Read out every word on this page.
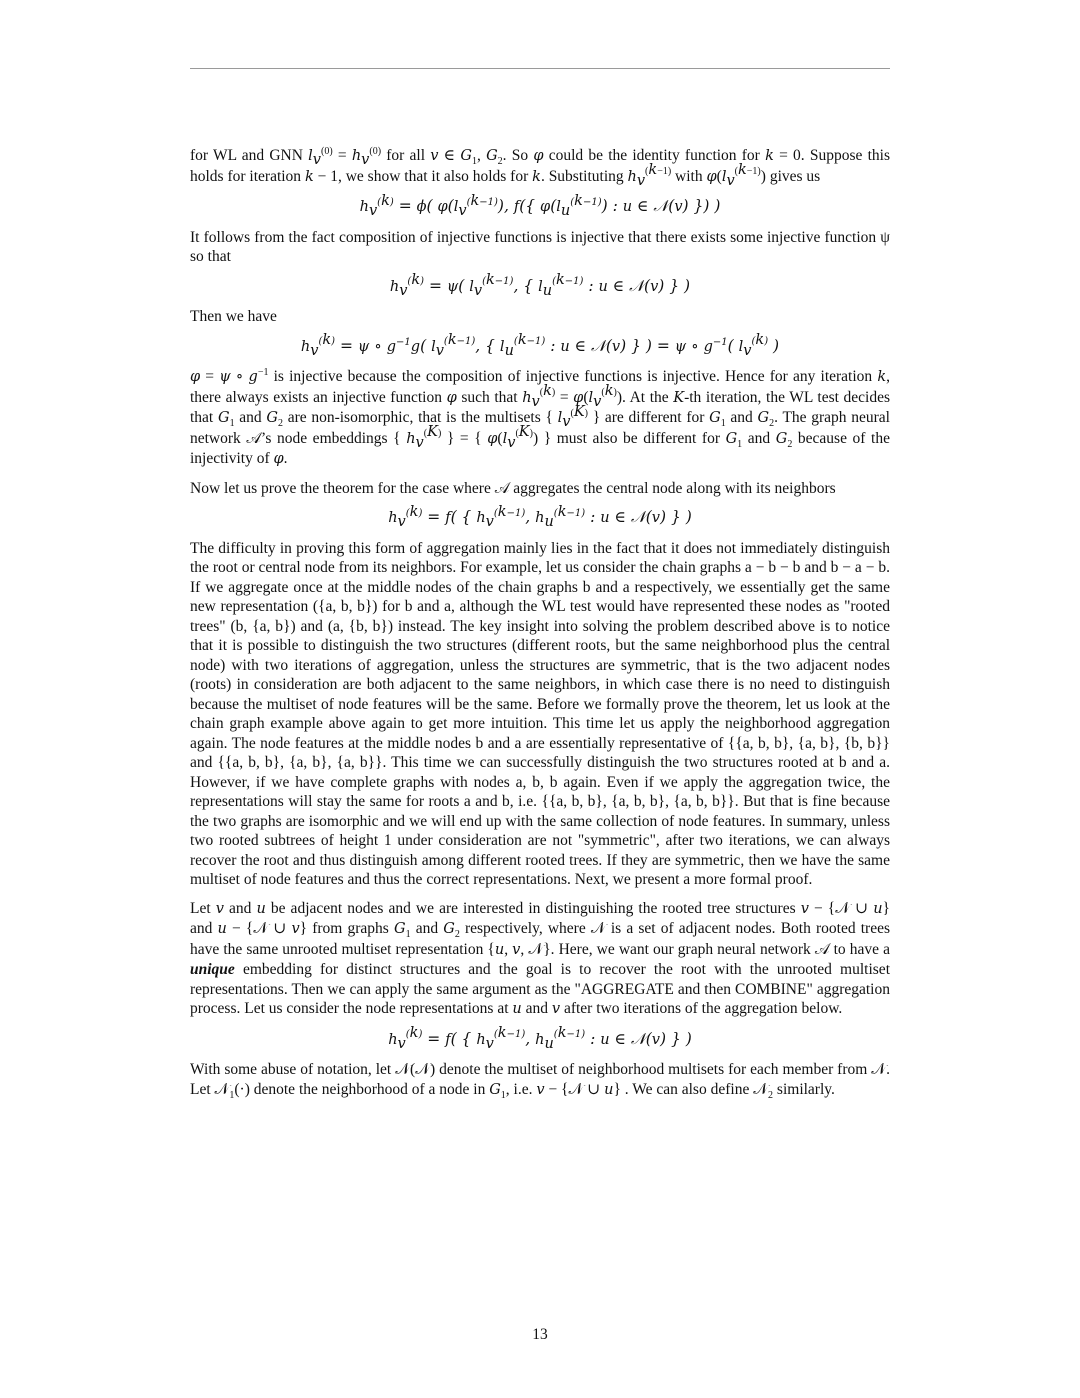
for WL and GNN $l_v^{(0)} = h_v^{(0)}$ for all v ∈ $G_1$, $G_2$. So φ could be the identity function for k = 0. Suppose this holds for iteration k − 1, we show that it also holds for k. Substituting $h_v^{(k-1)}$ with $\varphi(l_v^{(k-1)})$ gives us

$h_v^{(k)} = \phi$( $\varphi(l_v^{(k-1)})$, f({ $\varphi(l_u^{(k-1)})$ : u ∈ 𝒩(v) }) )

It follows from the fact composition of injective functions is injective that there exists some injective function ψ so that

$h_v^{(k)} = \psi$( $l_v^{(k-1)}$, { $l_u^{(k-1)}$ : u ∈ 𝒩(v) } )

Then we have

$h_v^{(k)} = \psi$ ∘ $g^{-1}g$( $l_v^{(k-1)}$, { $l_u^{(k-1)}$ : u ∈ 𝒩(v) } ) = ψ ∘ $g^{-1}$( $l_v^{(k)}$ )

φ = ψ ∘ $g^{-1}$ is injective because the composition of injective functions is injective. Hence for any iteration k, there always exists an injective function φ such that $h_v^{(k)} = \varphi(l_v^{(k)})$. At the K-th iteration, the WL test decides that $G_1$ and $G_2$ are non-isomorphic, that is the multisets { $l_v^{(K)}$ } are different for $G_1$ and $G_2$. The graph neural network 𝒜’s node embeddings { $h_v^{(K)}$ } = { $\varphi(l_v^{(K)})$ } must also be different for $G_1$ and $G_2$ because of the injectivity of φ.

Now let us prove the theorem for the case where 𝒜 aggregates the central node along with its neighbors

$h_v^{(k)} = f$( { $h_v^{(k-1)}$, $h_u^{(k-1)}$ : u ∈ 𝒩(v) } )

The difficulty in proving this form of aggregation mainly lies in the fact that it does not immediately distinguish the root or central node from its neighbors. For example, let us consider the chain graphs a − b − b and b − a − b. If we aggregate once at the middle nodes of the chain graphs b and a respectively, we essentially get the same new representation ({a, b, b}) for b and a, although the WL test would have represented these nodes as "rooted trees" (b, {a, b}) and (a, {b, b}) instead. The key insight into solving the problem described above is to notice that it is possible to distinguish the two structures (different roots, but the same neighborhood plus the central node) with two iterations of aggregation, unless the structures are symmetric, that is the two adjacent nodes (roots) in consideration are both adjacent to the same neighbors, in which case there is no need to distinguish because the multiset of node features will be the same. Before we formally prove the theorem, let us look at the chain graph example above again to get more intuition. This time let us apply the neighborhood aggregation again. The node features at the middle nodes b and a are essentially representative of {{a, b, b}, {a, b}, {b, b}} and {{a, b, b}, {a, b}, {a, b}}. This time we can successfully distinguish the two structures rooted at b and a. However, if we have complete graphs with nodes a, b, b again. Even if we apply the aggregation twice, the representations will stay the same for roots a and b, i.e. {{a, b, b}, {a, b, b}, {a, b, b}}. But that is fine because the two graphs are isomorphic and we will end up with the same collection of node features. In summary, unless two rooted subtrees of height 1 under consideration are not "symmetric", after two iterations, we can always recover the root and thus distinguish among different rooted trees. If they are symmetric, then we have the same multiset of node features and thus the correct representations. Next, we present a more formal proof.

Let v and u be adjacent nodes and we are interested in distinguishing the rooted tree structures v − {𝒩 ∪ u} and u − {𝒩 ∪ v} from graphs $G_1$ and $G_2$ respectively, where 𝒩 is a set of adjacent nodes. Both rooted trees have the same unrooted multiset representation {u, v, 𝒩}. Here, we want our graph neural network 𝒜 to have a unique embedding for distinct structures and the goal is to recover the root with the unrooted multiset representations. Then we can apply the same argument as the "AGGREGATE and then COMBINE" aggregation process. Let us consider the node representations at u and v after two iterations of the aggregation below.

$h_v^{(k)} = f$( { $h_v^{(k-1)}$, $h_u^{(k-1)}$ : u ∈ 𝒩(v) } )

With some abuse of notation, let 𝒩(𝒩) denote the multiset of neighborhood multisets for each member from 𝒩. Let 𝒩$_1$(·) denote the neighborhood of a node in $G_1$, i.e. v − {𝒩 ∪ u} . We can also define 𝒩$_2$ similarly.

13
